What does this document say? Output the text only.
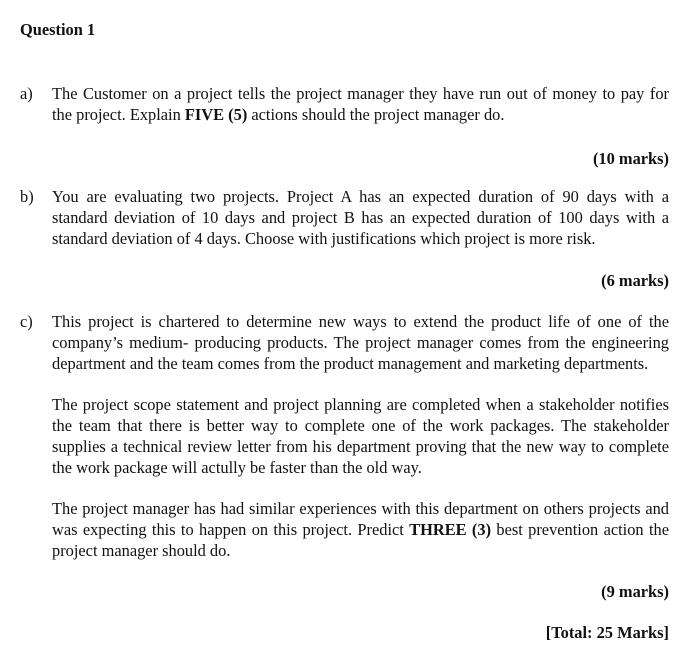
Question 1
a) The Customer on a project tells the project manager they have run out of money to pay for the project. Explain FIVE (5) actions should the project manager do.

(10 marks)
b) You are evaluating two projects. Project A has an expected duration of 90 days with a standard deviation of 10 days and project B has an expected duration of 100 days with a standard deviation of 4 days. Choose with justifications which project is more risk.

(6 marks)
c) This project is chartered to determine new ways to extend the product life of one of the company’s medium- producing products. The project manager comes from the engineering department and the team comes from the product management and marketing departments.

The project scope statement and project planning are completed when a stakeholder notifies the team that there is better way to complete one of the work packages. The stakeholder supplies a technical review letter from his department proving that the new way to complete the work package will actully be faster than the old way.

The project manager has had similar experiences with this department on others projects and was expecting this to happen on this project. Predict THREE (3) best prevention action the project manager should do.

(9 marks)
[Total: 25 Marks]
